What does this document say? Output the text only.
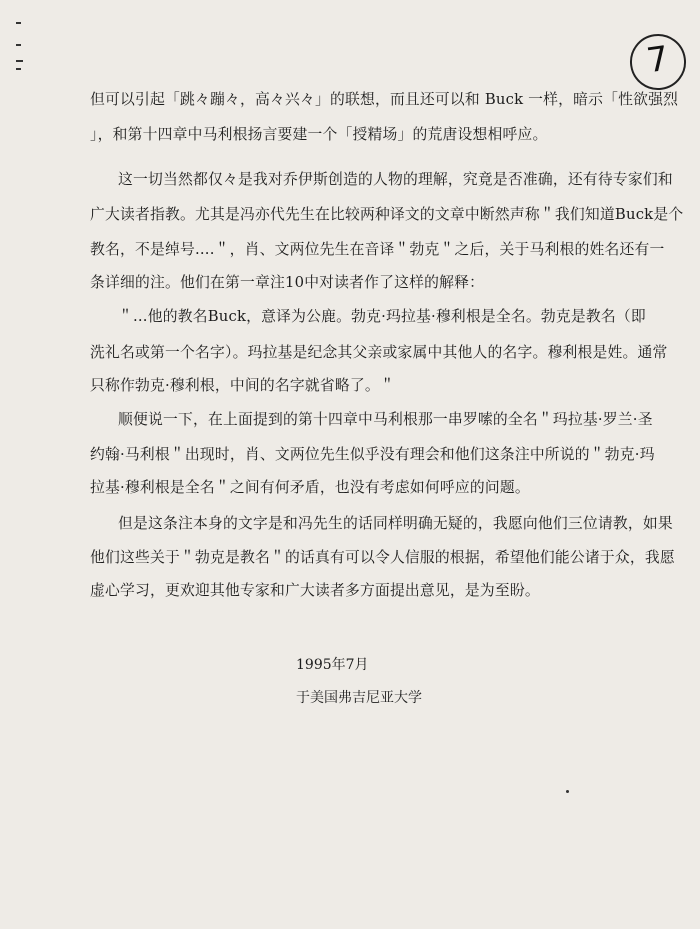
7
但可以引起「跳々蹦々，高々兴々」的联想，而且还可以和 Buck 一样，暗示「性欲强烈
」，和第十四章中马利根扬言要建一个「授精场」的荒唐设想相呼应。
这一切当然都仅々是我对乔伊斯创造的人物的理解，究竟是否准确，还有待专家们和
广大读者指教。尤其是冯亦代先生在比较两种译文的文章中断然声称＂我们知道Buck是个
教名，不是绰号....＂，肖、文两位先生在音译＂勃克＂之后，关于马利根的姓名还有一
条详细的注。他们在第一章注10中对读者作了这样的解释：
＂...他的教名Buck，意译为公鹿。勃克·玛拉基·穆利根是全名。勃克是教名（即
洗礼名或第一个名字）。玛拉基是纪念其父亲或家属中其他人的名字。穆利根是姓。通常
只称作勃克·穆利根，中间的名字就省略了。＂
顺便说一下，在上面提到的第十四章中马利根那一串罗嗦的全名＂玛拉基·罗兰·圣
约翰·马利根＂出现时，肖、文两位先生似乎没有理会和他们这条注中所说的＂勃克·玛
拉基·穆利根是全名＂之间有何矛盾，也没有考虑如何呼应的问题。
但是这条注本身的文字是和冯先生的话同样明确无疑的，我愿向他们三位请教，如果
他们这些关于＂勃克是教名＂的话真有可以令人信服的根据，希望他们能公诸于众，我愿
虚心学习，更欢迎其他专家和广大读者多方面提出意见，是为至盼。
1995年7月
于美国弗吉尼亚大学
